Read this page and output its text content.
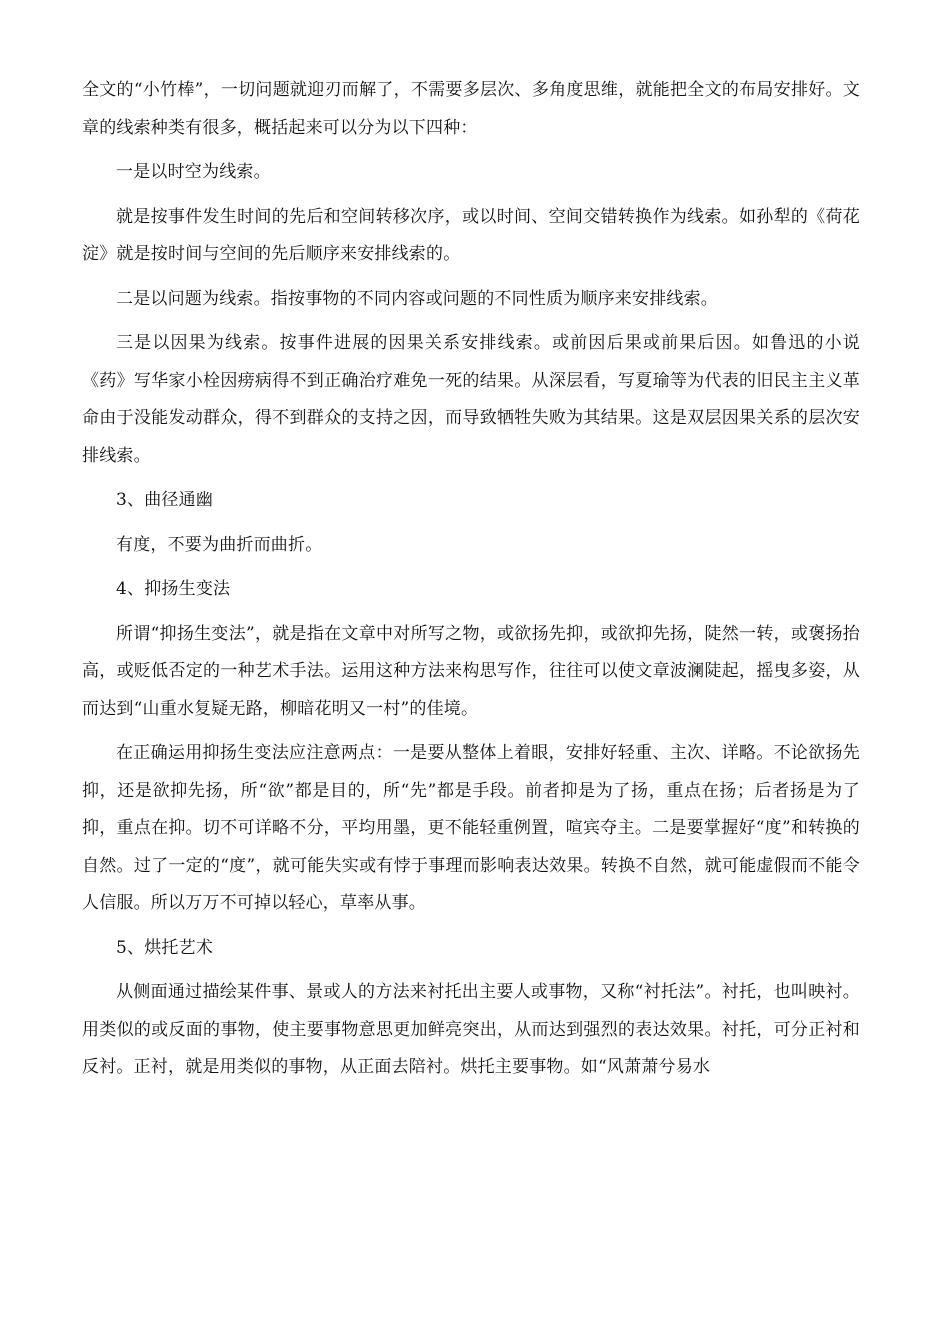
全文的“小竹棒”，一切问题就迎刃而解了，不需要多层次、多角度思维，就能把全文的布局安排好。文章的线索种类有很多，概括起来可以分为以下四种：

一是以时空为线索。

就是按事件发生时间的先后和空间转移次序，或以时间、空间交错转换作为线索。如孙犁的《荷花淀》就是按时间与空间的先后顺序来安排线索的。

二是以问题为线索。指按事物的不同内容或问题的不同性质为顺序来安排线索。

三是以因果为线索。按事件进展的因果关系安排线索。或前因后果或前果后因。如鲁迅的小说《药》写华家小栓因痨病得不到正确治疗难免一死的结果。从深层看，写夏瑜等为代表的旧民主主义革命由于没能发动群众，得不到群众的支持之因，而导致牺牲失败为其结果。这是双层因果关系的层次安排线索。

3、曲径通幽

有度，不要为曲折而曲折。

4、抑扬生变法

所谓“抑扬生变法”，就是指在文章中对所写之物，或欲扬先抑，或欲抑先扬，陡然一转，或褒扬抬高，或贬低否定的一种艺术手法。运用这种方法来构思写作，往往可以使文章波澜陡起，摇曳多姿，从而达到“山重水复疑无路，柳暗花明又一村”的佳境。

在正确运用抑扬生变法应注意两点：一是要从整体上着眼，安排好轻重、主次、详略。不论欲扬先抑，还是欲抑先扬，所“欲”都是目的，所“先”都是手段。前者抑是为了扬，重点在扬；后者扬是为了抑，重点在抑。切不可详略不分，平均用墨，更不能轻重例置，喧宾夺主。二是要掌握好“度”和转换的自然。过了一定的“度”，就可能失实或有悖于事理而影响表达效果。转换不自然，就可能虚假而不能令人信服。所以万万不可掉以轻心，草率从事。

5、烘托艺术

从侧面通过描绘某件事、景或人的方法来衬托出主要人或事物，又称“衬托法”。衬托，也叫映衬。用类似的或反面的事物，使主要事物意思更加鲜亮突出，从而达到强烈的表达效果。衬托，可分正衬和反衬。正衬，就是用类似的事物，从正面去陪衬。烘托主要事物。如“风萧萧兮易水
